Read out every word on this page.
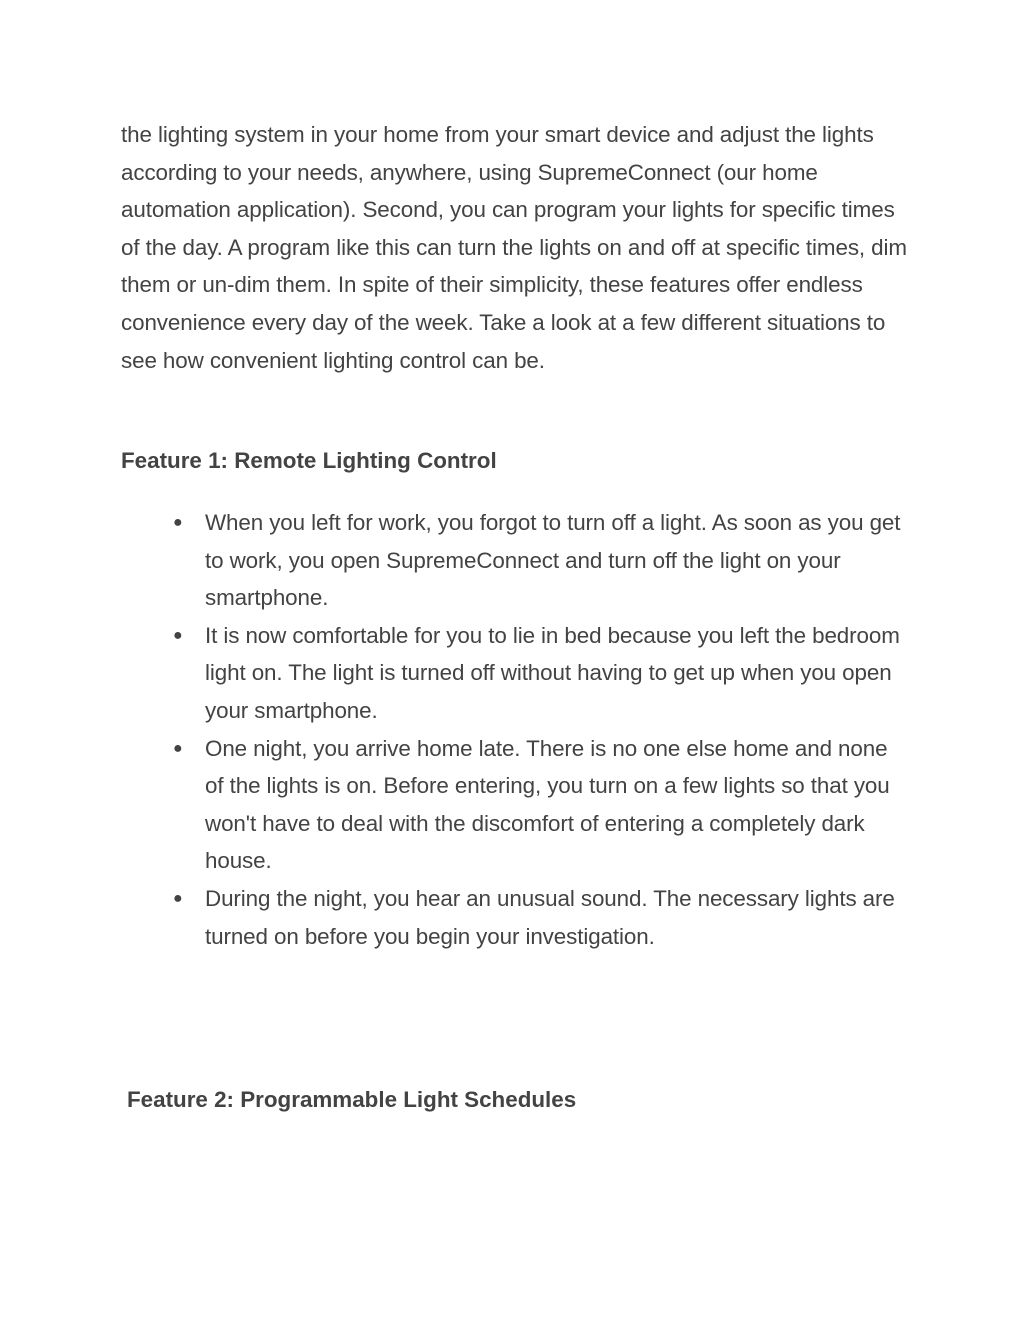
the lighting system in your home from your smart device and adjust the lights according to your needs, anywhere, using SupremeConnect (our home automation application). Second, you can program your lights for specific times of the day. A program like this can turn the lights on and off at specific times, dim them or un-dim them. In spite of their simplicity, these features offer endless convenience every day of the week. Take a look at a few different situations to see how convenient lighting control can be.

Feature 1: Remote Lighting Control
● When you left for work, you forgot to turn off a light. As soon as you get to work, you open SupremeConnect and turn off the light on your smartphone.
● It is now comfortable for you to lie in bed because you left the bedroom light on. The light is turned off without having to get up when you open your smartphone.
● One night, you arrive home late. There is no one else home and none of the lights is on. Before entering, you turn on a few lights so that you won't have to deal with the discomfort of entering a completely dark house.
● During the night, you hear an unusual sound. The necessary lights are turned on before you begin your investigation.
Feature 2: Programmable Light Schedules
